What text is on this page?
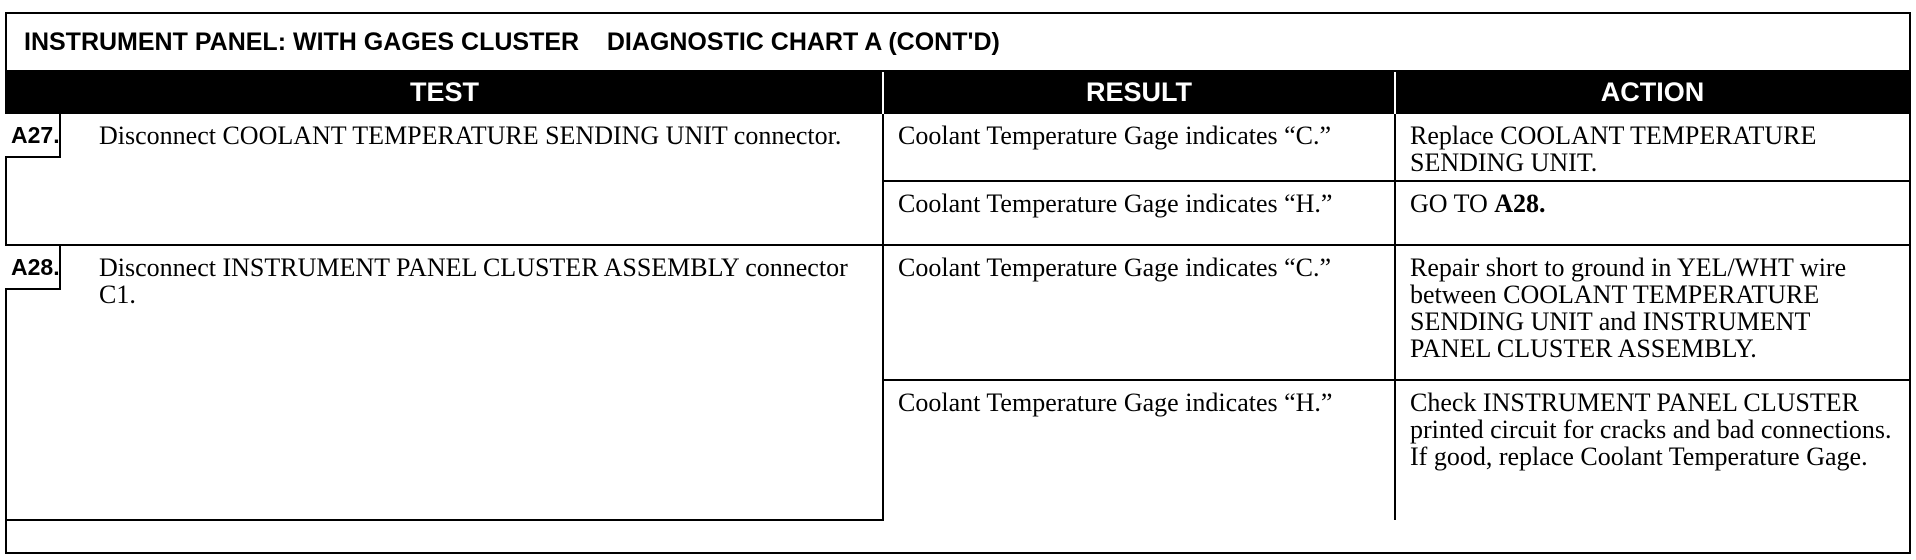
INSTRUMENT PANEL: WITH GAGES CLUSTER DIAGNOSTIC CHART A (CONT'D)
TEST	RESULT	ACTION

A27. Disconnect COOLANT TEMPERATURE SENDING UNIT connector.	Coolant Temperature Gage indicates “C.”	Replace COOLANT TEMPERATURE SENDING UNIT.
	Coolant Temperature Gage indicates “H.”	GO TO A28.

A28. Disconnect INSTRUMENT PANEL CLUSTER ASSEMBLY connector C1.	Coolant Temperature Gage indicates “C.”	Repair short to ground in YEL/WHT wire between COOLANT TEMPERATURE SENDING UNIT and INSTRUMENT PANEL CLUSTER ASSEMBLY.
	Coolant Temperature Gage indicates “H.”	Check INSTRUMENT PANEL CLUSTER printed circuit for cracks and bad connections. If good, replace Coolant Temperature Gage.
